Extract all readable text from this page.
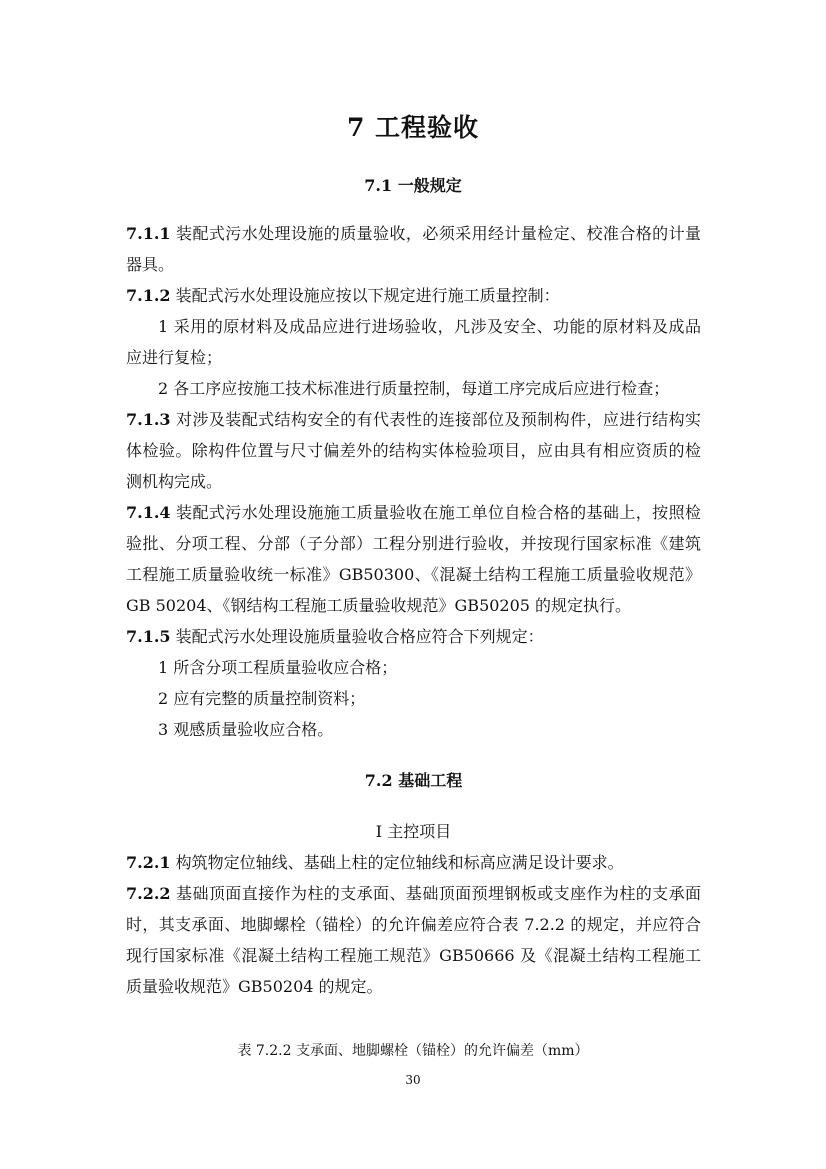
7 工程验收
7.1 一般规定

7.1.1 装配式污水处理设施的质量验收，必须采用经计量检定、校准合格的计量器具。

7.1.2 装配式污水处理设施应按以下规定进行施工质量控制：

1 采用的原材料及成品应进行进场验收，凡涉及安全、功能的原材料及成品应进行复检；

2 各工序应按施工技术标准进行质量控制，每道工序完成后应进行检查；

7.1.3 对涉及装配式结构安全的有代表性的连接部位及预制构件，应进行结构实体检验。除构件位置与尺寸偏差外的结构实体检验项目，应由具有相应资质的检测机构完成。

7.1.4 装配式污水处理设施施工质量验收在施工单位自检合格的基础上，按照检验批、分项工程、分部（子分部）工程分别进行验收，并按现行国家标准《建筑工程施工质量验收统一标准》GB50300、《混凝土结构工程施工质量验收规范》GB 50204、《钢结构工程施工质量验收规范》GB50205 的规定执行。

7.1.5 装配式污水处理设施质量验收合格应符合下列规定：

1 所含分项工程质量验收应合格；

2 应有完整的质量控制资料；

3 观感质量验收应合格。

7.2 基础工程

Ⅰ 主控项目

7.2.1 构筑物定位轴线、基础上柱的定位轴线和标高应满足设计要求。

7.2.2 基础顶面直接作为柱的支承面、基础顶面预埋钢板或支座作为柱的支承面时，其支承面、地脚螺栓（锚栓）的允许偏差应符合表 7.2.2 的规定，并应符合现行国家标准《混凝土结构工程施工规范》GB50666 及《混凝土结构工程施工质量验收规范》GB50204 的规定。

表 7.2.2 支承面、地脚螺栓（锚栓）的允许偏差（mm）
30
